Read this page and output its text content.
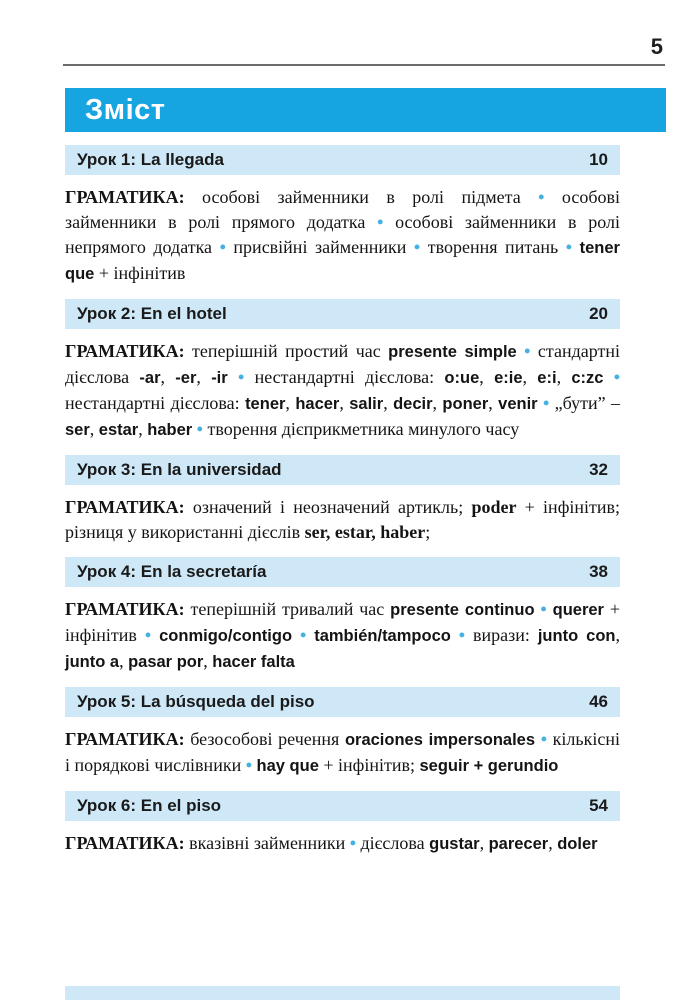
5
Зміст
Урок 1: La llegada	10

ГРАМАТИКА: особові займенники в ролі підмета • особові займенники в ролі прямого додатка • особові займенники в ролі непрямого додатка • присвійні займенники • творення питань • tener que + інфінітив

Урок 2: En el hotel	20

ГРАМАТИКА: теперішній простий час presente simple • стандартні дієслова -ar, -er, -ir • нестандартні дієслова: o:ue, e:ie, e:i, c:zc • нестандартні дієслова: tener, hacer, salir, decir, poner, venir • „бути” – ser, estar, haber • творення дієприкметника минулого часу

Урок 3: En la universidad	32

ГРАМАТИКА: означений і неозначений артикль; poder + інфінітив; різниця у використанні дієслів ser, estar, haber;

Урок 4: En la secretaría	38

ГРАМАТИКА: теперішній тривалий час presente continuo • querer + інфінітив • conmigo/contigo • también/tampoco • вирази: junto con, junto a, pasar por, hacer falta

Урок 5: La búsqueda del piso	46

ГРАМАТИКА: безособові речення oraciones impersonales • кількісні і порядкові числівники • hay que + інфінітив; seguir + gerundio

Урок 6: En el piso	54

ГРАМАТИКА: вказівні займенники • дієслова gustar, parecer, doler
